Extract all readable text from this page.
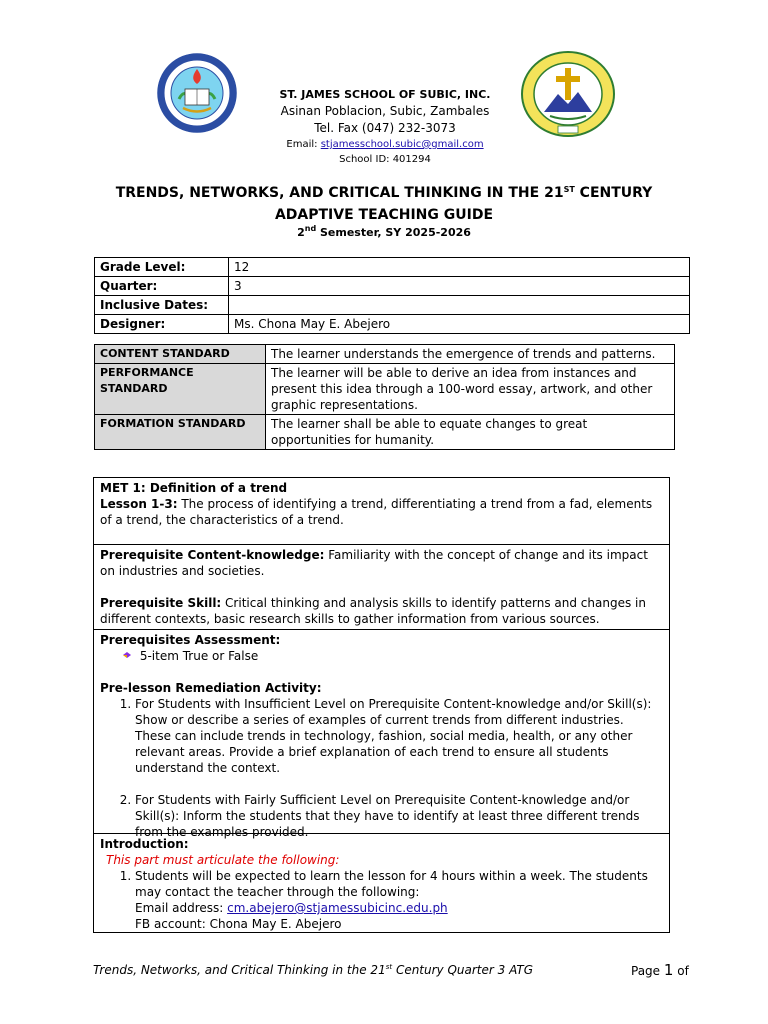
ST. JAMES SCHOOL OF SUBIC, INC.
Asinan Poblacion, Subic, Zambales
Tel. Fax (047) 232-3073
Email: stjamesschool.subic@gmail.com
School ID: 401294
TRENDS, NETWORKS, AND CRITICAL THINKING IN THE 21ST CENTURY
ADAPTIVE TEACHING GUIDE
2nd Semester, SY 2025-2026
Grade Level:	12
Quarter:	3
Inclusive Dates:	
Designer:	Ms. Chona May E. Abejero
CONTENT STANDARD	The learner understands the emergence of trends and patterns.
PERFORMANCE STANDARD	The learner will be able to derive an idea from instances and present this idea through a 100-word essay, artwork, and other graphic representations.
FORMATION STANDARD	The learner shall be able to equate changes to great opportunities for humanity.
MET 1: Definition of a trend
Lesson 1-3: The process of identifying a trend, differentiating a trend from a fad, elements of a trend, the characteristics of a trend.
Prerequisite Content-knowledge: Familiarity with the concept of change and its impact on industries and societies.
Prerequisite Skill: Critical thinking and analysis skills to identify patterns and changes in different contexts, basic research skills to gather information from various sources.
Prerequisites Assessment:
5-item True or False
Pre-lesson Remediation Activity:
1. For Students with Insufficient Level on Prerequisite Content-knowledge and/or Skill(s): Show or describe a series of examples of current trends from different industries. These can include trends in technology, fashion, social media, health, or any other relevant areas. Provide a brief explanation of each trend to ensure all students understand the context.
2. For Students with Fairly Sufficient Level on Prerequisite Content-knowledge and/or Skill(s): Inform the students that they have to identify at least three different trends from the examples provided.
Introduction:
This part must articulate the following:
1. Students will be expected to learn the lesson for 4 hours within a week. The students may contact the teacher through the following:
Email address: cm.abejero@stjamessubicinc.edu.ph
FB account: Chona May E. Abejero
Trends, Networks, and Critical Thinking in the 21st Century Quarter 3 ATG	Page 1 of
